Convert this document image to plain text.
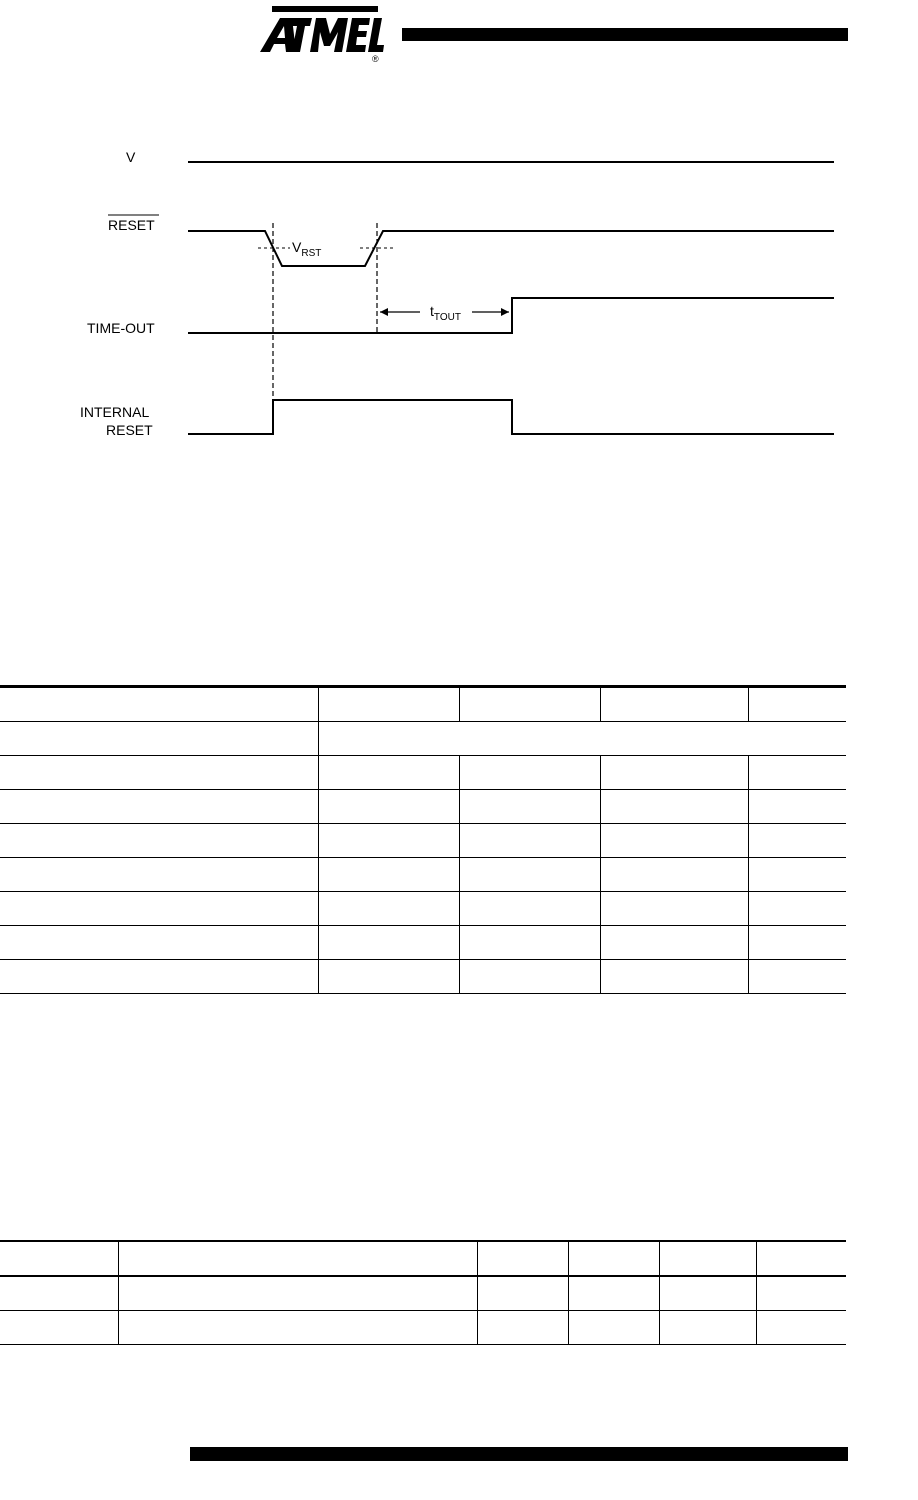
®
ATMEL
V
RESET
TIME-OUT
INTERNAL
RESET
$V_{RST}$
$t_{TOUT}$
